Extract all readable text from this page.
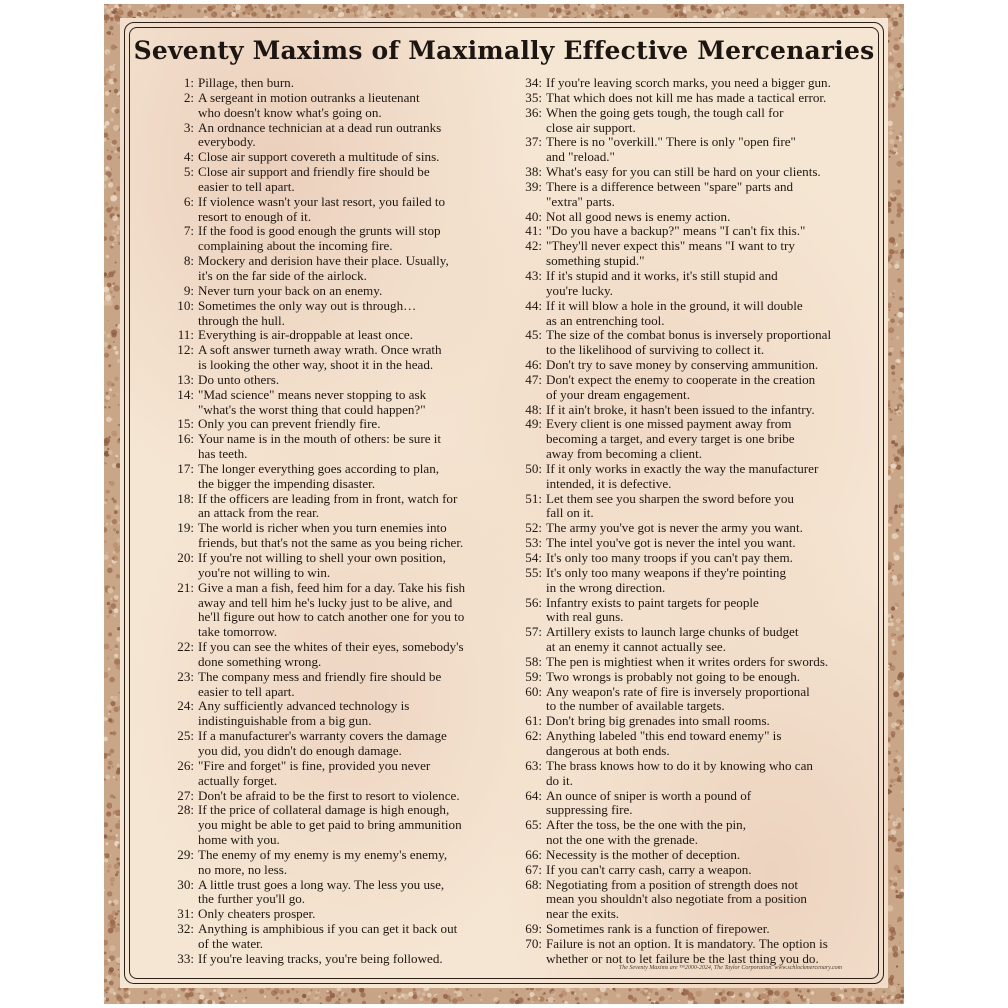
Seventy Maxims of Maximally Effective Mercenaries
1: Pillage, then burn.
2: A sergeant in motion outranks a lieutenant
who doesn't know what's going on.
3: An ordnance technician at a dead run outranks
everybody.
4: Close air support covereth a multitude of sins.
5: Close air support and friendly fire should be
easier to tell apart.
6: If violence wasn't your last resort, you failed to
resort to enough of it.
7: If the food is good enough the grunts will stop
complaining about the incoming fire.
8: Mockery and derision have their place. Usually,
it's on the far side of the airlock.
9: Never turn your back on an enemy.
10: Sometimes the only way out is through…
through the hull.
11: Everything is air-droppable at least once.
12: A soft answer turneth away wrath. Once wrath
is looking the other way, shoot it in the head.
13: Do unto others.
14: "Mad science" means never stopping to ask
"what's the worst thing that could happen?"
15: Only you can prevent friendly fire.
16: Your name is in the mouth of others: be sure it
has teeth.
17: The longer everything goes according to plan,
the bigger the impending disaster.
18: If the officers are leading from in front, watch for
an attack from the rear.
19: The world is richer when you turn enemies into
friends, but that's not the same as you being richer.
20: If you're not willing to shell your own position,
you're not willing to win.
21: Give a man a fish, feed him for a day. Take his fish
away and tell him he's lucky just to be alive, and
he'll figure out how to catch another one for you to
take tomorrow.
22: If you can see the whites of their eyes, somebody's
done something wrong.
23: The company mess and friendly fire should be
easier to tell apart.
24: Any sufficiently advanced technology is
indistinguishable from a big gun.
25: If a manufacturer's warranty covers the damage
you did, you didn't do enough damage.
26: "Fire and forget" is fine, provided you never
actually forget.
27: Don't be afraid to be the first to resort to violence.
28: If the price of collateral damage is high enough,
you might be able to get paid to bring ammunition
home with you.
29: The enemy of my enemy is my enemy's enemy,
no more, no less.
30: A little trust goes a long way. The less you use,
the further you'll go.
31: Only cheaters prosper.
32: Anything is amphibious if you can get it back out
of the water.
33: If you're leaving tracks, you're being followed.
34: If you're leaving scorch marks, you need a bigger gun.
35: That which does not kill me has made a tactical error.
36: When the going gets tough, the tough call for
close air support.
37: There is no "overkill." There is only "open fire"
and "reload."
38: What's easy for you can still be hard on your clients.
39: There is a difference between "spare" parts and
"extra" parts.
40: Not all good news is enemy action.
41: "Do you have a backup?" means "I can't fix this."
42: "They'll never expect this" means "I want to try
something stupid."
43: If it's stupid and it works, it's still stupid and
you're lucky.
44: If it will blow a hole in the ground, it will double
as an entrenching tool.
45: The size of the combat bonus is inversely proportional
to the likelihood of surviving to collect it.
46: Don't try to save money by conserving ammunition.
47: Don't expect the enemy to cooperate in the creation
of your dream engagement.
48: If it ain't broke, it hasn't been issued to the infantry.
49: Every client is one missed payment away from
becoming a target, and every target is one bribe
away from becoming a client.
50: If it only works in exactly the way the manufacturer
intended, it is defective.
51: Let them see you sharpen the sword before you
fall on it.
52: The army you've got is never the army you want.
53: The intel you've got is never the intel you want.
54: It's only too many troops if you can't pay them.
55: It's only too many weapons if they're pointing
in the wrong direction.
56: Infantry exists to paint targets for people
with real guns.
57: Artillery exists to launch large chunks of budget
at an enemy it cannot actually see.
58: The pen is mightiest when it writes orders for swords.
59: Two wrongs is probably not going to be enough.
60: Any weapon's rate of fire is inversely proportional
to the number of available targets.
61: Don't bring big grenades into small rooms.
62: Anything labeled "this end toward enemy" is
dangerous at both ends.
63: The brass knows how to do it by knowing who can
do it.
64: An ounce of sniper is worth a pound of
suppressing fire.
65: After the toss, be the one with the pin,
not the one with the grenade.
66: Necessity is the mother of deception.
67: If you can't carry cash, carry a weapon.
68: Negotiating from a position of strength does not
mean you shouldn't also negotiate from a position
near the exits.
69: Sometimes rank is a function of firepower.
70: Failure is not an option. It is mandatory. The option is
whether or not to let failure be the last thing you do.
The Seventy Maxims are ™2000-2024, The Taylor Corporation. www.schlockmercenary.com
